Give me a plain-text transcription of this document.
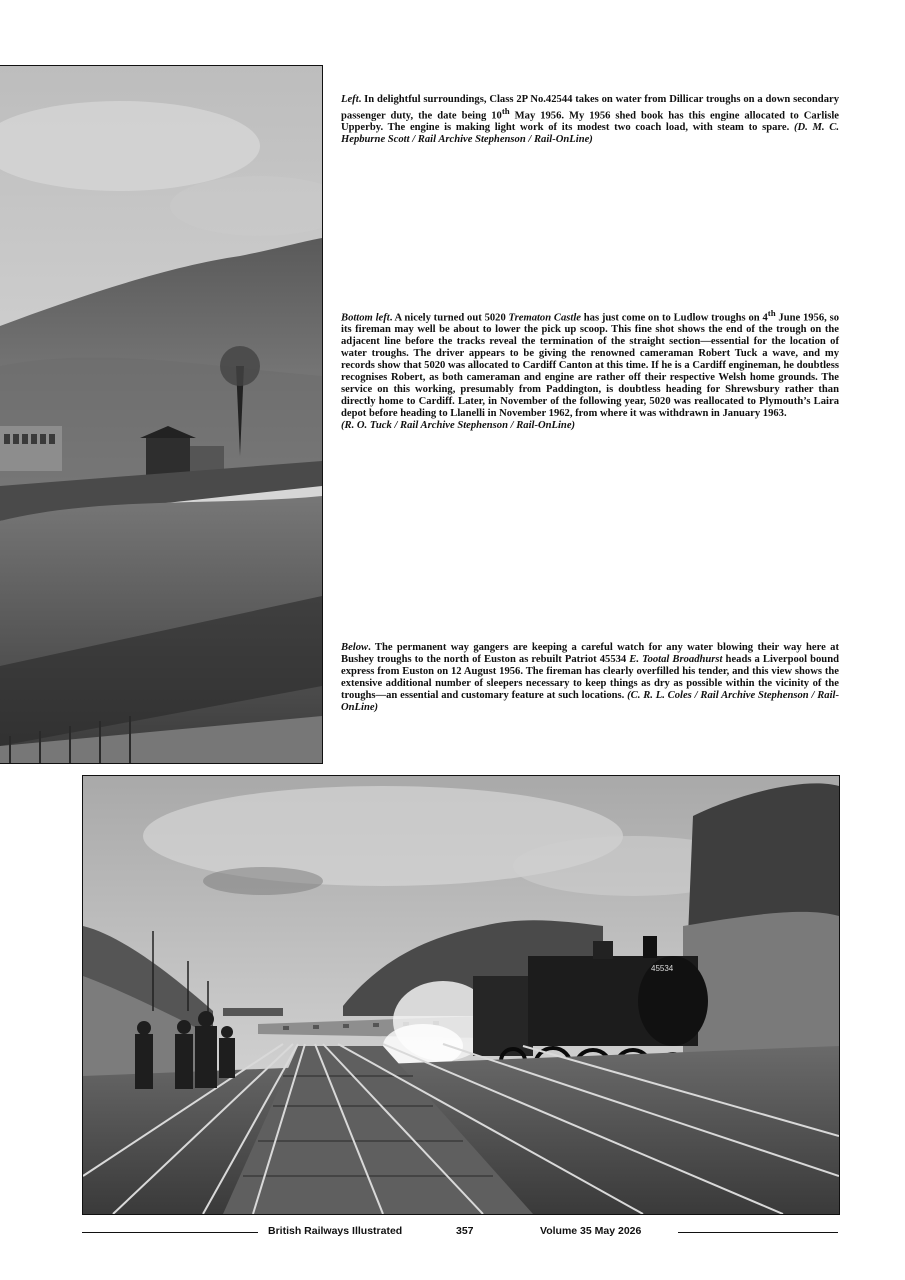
Left. In delightful surroundings, Class 2P No.42544 takes on water from Dillicar troughs on a down secondary passenger duty, the date being 10th May 1956. My 1956 shed book has this engine allocated to Carlisle Upperby. The engine is making light work of its modest two coach load, with steam to spare. (D. M. C. Hepburne Scott / Rail Archive Stephenson / Rail-OnLine)

Bottom left. A nicely turned out 5020 Trematon Castle has just come on to Ludlow troughs on 4th June 1956, so its fireman may well be about to lower the pick up scoop. This fine shot shows the end of the trough on the adjacent line before the tracks reveal the termination of the straight section—essential for the location of water troughs. The driver appears to be giving the renowned cameraman Robert Tuck a wave, and my records show that 5020 was allocated to Cardiff Canton at this time. If he is a Cardiff engineman, he doubtless recognises Robert, as both cameraman and engine are rather off their respective Welsh home grounds. The service on this working, presumably from Paddington, is doubtless heading for Shrewsbury rather than directly home to Cardiff. Later, in November of the following year, 5020 was reallocated to Plymouth’s Laira depot before heading to Llanelli in November 1962, from where it was withdrawn in January 1963.
(R. O. Tuck / Rail Archive Stephenson / Rail-OnLine)

Below. The permanent way gangers are keeping a careful watch for any water blowing their way here at Bushey troughs to the north of Euston as rebuilt Patriot 45534 E. Tootal Broadhurst heads a Liverpool bound express from Euston on 12 August 1956. The fireman has clearly overfilled his tender, and this view shows the extensive additional number of sleepers necessary to keep things as dry as possible within the vicinity of the troughs—an essential and customary feature at such locations. (C. R. L. Coles / Rail Archive Stephenson / Rail-OnLine)

45534
British Railways Illustrated	357	Volume 35 May 2026
